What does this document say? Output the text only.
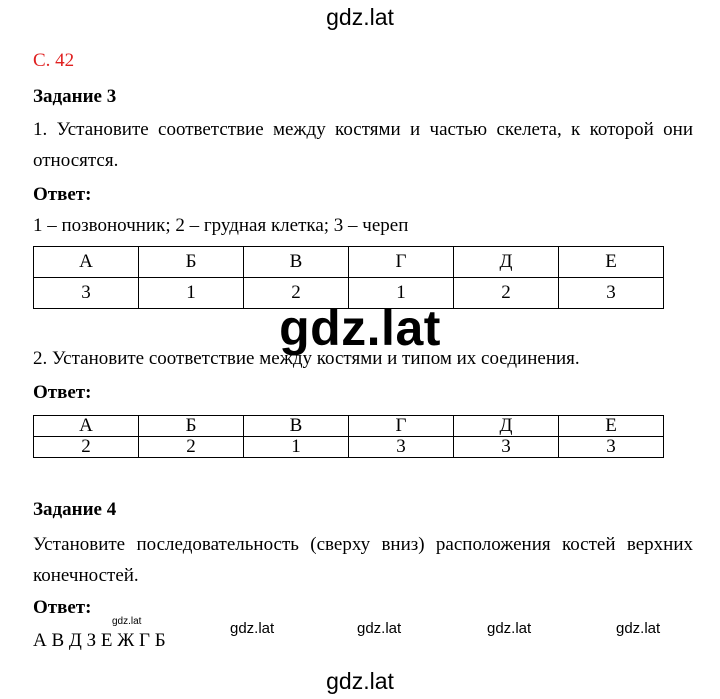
gdz.lat
С. 42
Задание 3
1. Установите соответствие между костями и частью скелета, к которой они относятся.
Ответ:
1 – позвоночник; 2 – грудная клетка; 3 – череп
А	Б	В	Г	Д	Е
3	1	2	1	2	3
gdz.lat
2. Установите соответствие между костями и типом их соединения.
Ответ:
А	Б	В	Г	Д	Е
2	2	1	3	3	3
Задание 4
Установите последовательность (сверху вниз) расположения костей верхних конечностей.
Ответ:
А В Д З Е Ж Г Б
gdz.lat	gdz.lat	gdz.lat	gdz.lat	gdz.lat
gdz.lat
